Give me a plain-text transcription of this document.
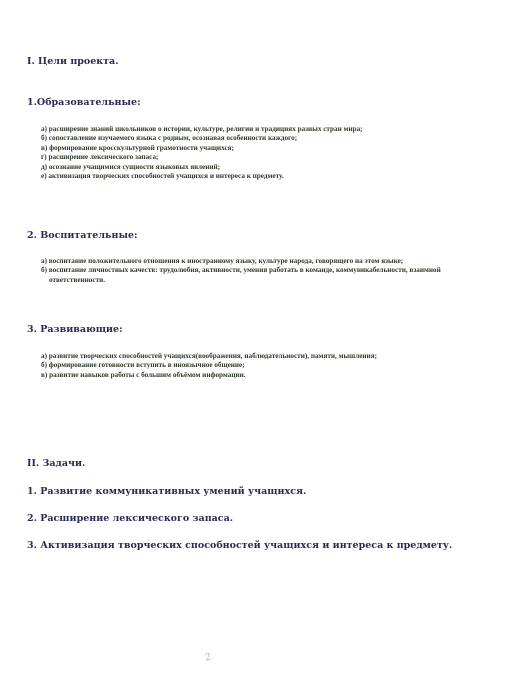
I. Цели проекта.
1.Образовательные:
а) расширение знаний школьников о истории, культуре, религии и традициях разных стран мира;
б) сопоставление изучаемого языка с родным, осознавая особенности каждого;
в) формирование кросскультурной грамотности учащихся;
г) расширение лексического запаса;
д) осознание учащимися сущности языковых явлений;
е) активизация творческих способностей учащихся и интереса к предмету.
2. Воспитательные:
а) воспитание положительного отношения к иностранному языку, культуре народа, говорящего на этом языке;
б) воспитание личностных качеств: трудолюбия, активности, умения работать в команде, коммуникабельности, взаимной ответственности.
3. Развивающие:
а) развитие творческих способностей учащихся(воображения, наблюдательности), памяти, мышления;
б) формирование готовности вступить в иноязычное общение;
в) развитие навыков работы с большим объёмом информации.
II. Задачи.
1. Развитие коммуникативных умений учащихся.
2. Расширение лексического запаса.
3. Активизация творческих способностей учащихся и интереса к предмету.
2
